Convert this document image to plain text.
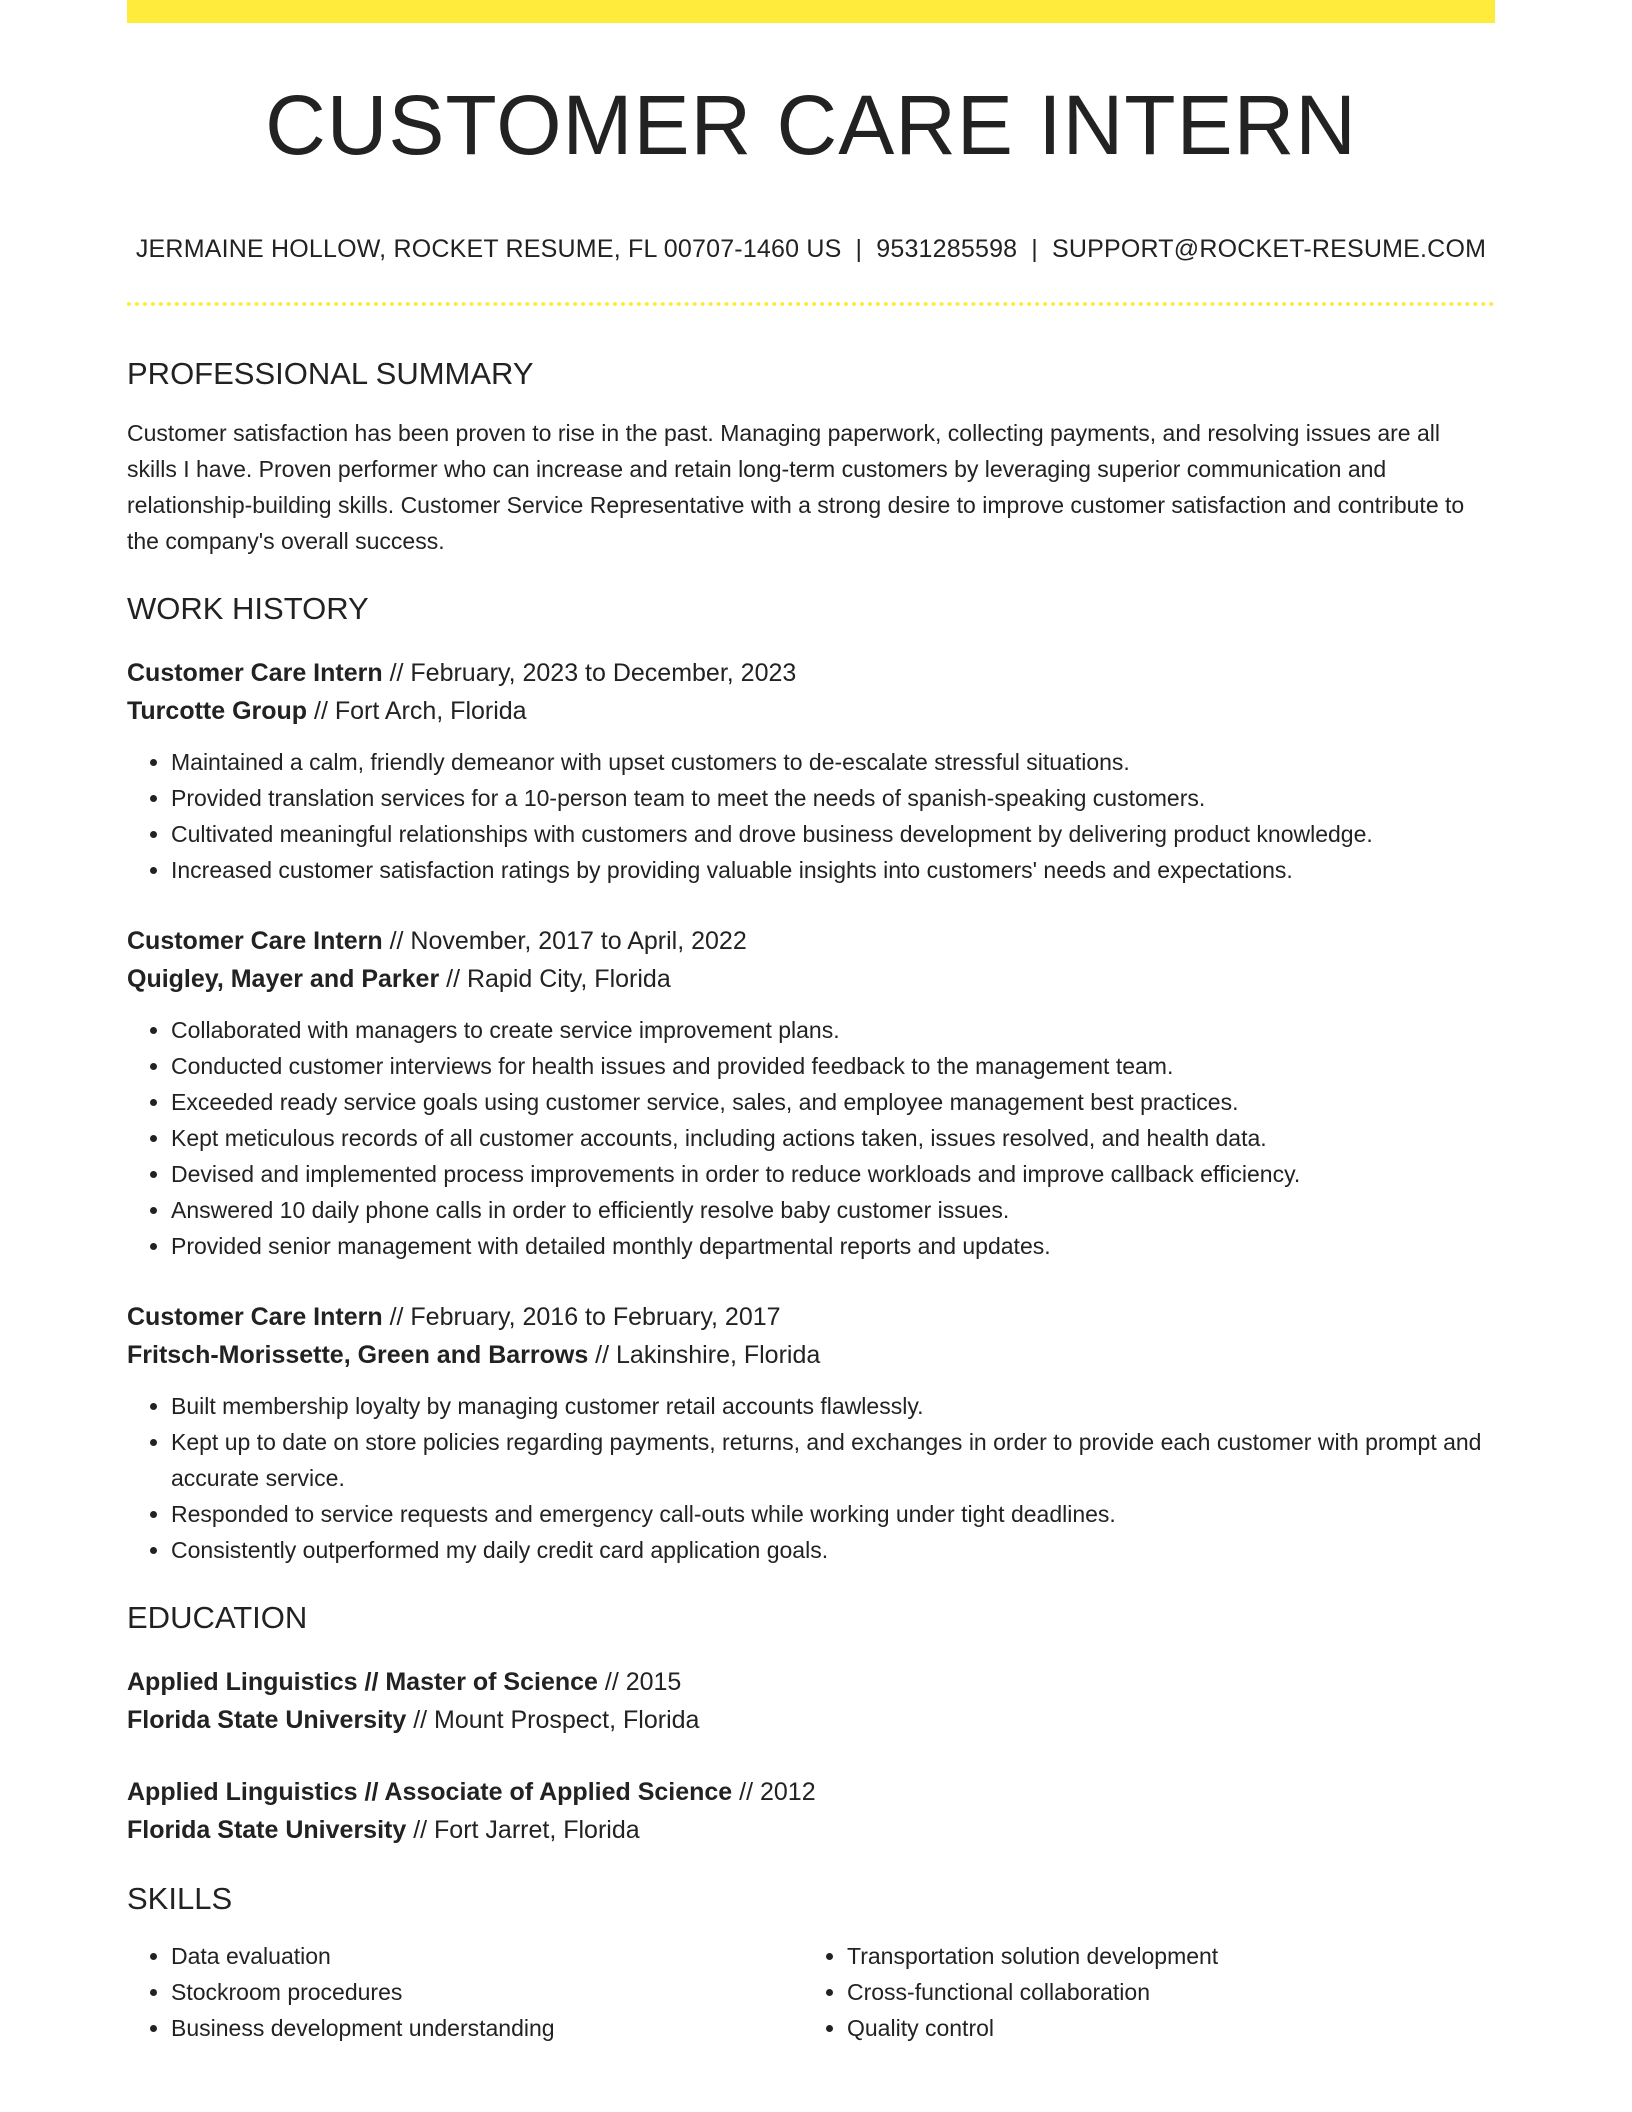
CUSTOMER CARE INTERN
JERMAINE HOLLOW, ROCKET RESUME, FL 00707-1460 US | 9531285598 | SUPPORT@ROCKET-RESUME.COM
PROFESSIONAL SUMMARY

Customer satisfaction has been proven to rise in the past. Managing paperwork, collecting payments, and resolving issues are all skills I have. Proven performer who can increase and retain long-term customers by leveraging superior communication and relationship-building skills. Customer Service Representative with a strong desire to improve customer satisfaction and contribute to the company's overall success.

WORK HISTORY
Customer Care Intern // February, 2023 to December, 2023
Turcotte Group // Fort Arch, Florida
• Maintained a calm, friendly demeanor with upset customers to de-escalate stressful situations.
• Provided translation services for a 10-person team to meet the needs of spanish-speaking customers.
• Cultivated meaningful relationships with customers and drove business development by delivering product knowledge.
• Increased customer satisfaction ratings by providing valuable insights into customers' needs and expectations.
Customer Care Intern // November, 2017 to April, 2022
Quigley, Mayer and Parker // Rapid City, Florida
• Collaborated with managers to create service improvement plans.
• Conducted customer interviews for health issues and provided feedback to the management team.
• Exceeded ready service goals using customer service, sales, and employee management best practices.
• Kept meticulous records of all customer accounts, including actions taken, issues resolved, and health data.
• Devised and implemented process improvements in order to reduce workloads and improve callback efficiency.
• Answered 10 daily phone calls in order to efficiently resolve baby customer issues.
• Provided senior management with detailed monthly departmental reports and updates.
Customer Care Intern // February, 2016 to February, 2017
Fritsch-Morissette, Green and Barrows // Lakinshire, Florida
• Built membership loyalty by managing customer retail accounts flawlessly.
• Kept up to date on store policies regarding payments, returns, and exchanges in order to provide each customer with prompt and accurate service.
• Responded to service requests and emergency call-outs while working under tight deadlines.
• Consistently outperformed my daily credit card application goals.
EDUCATION
Applied Linguistics // Master of Science // 2015
Florida State University // Mount Prospect, Florida
Applied Linguistics // Associate of Applied Science // 2012
Florida State University // Fort Jarret, Florida
SKILLS
• Data evaluation
• Stockroom procedures
• Business development understanding
• Transportation solution development
• Cross-functional collaboration
• Quality control
